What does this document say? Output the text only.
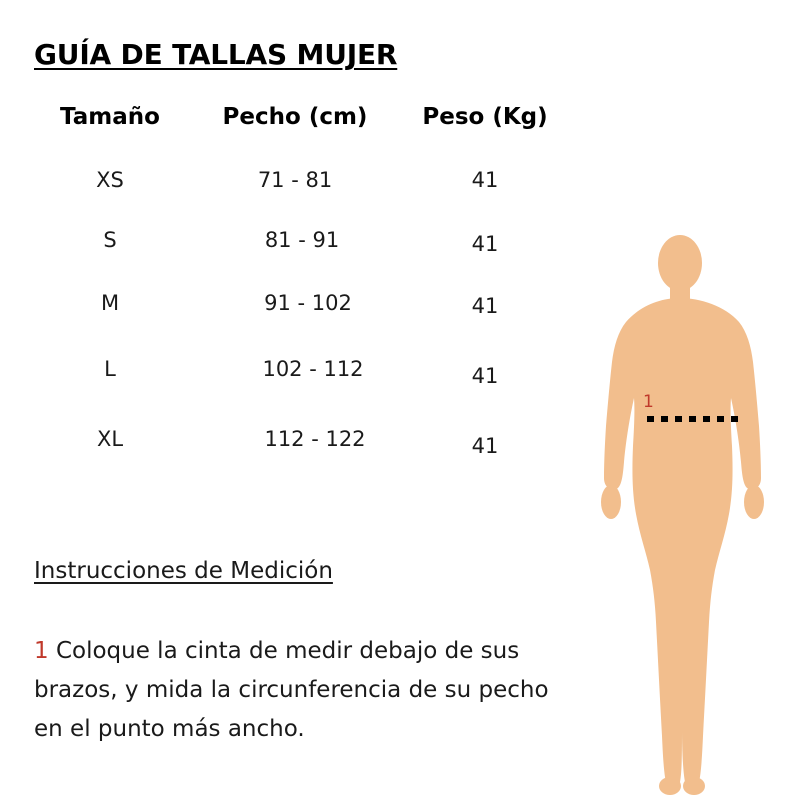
GUÍA DE TALLAS MUJER
Tamaño	Pecho (cm)	Peso (Kg)
XS	71 - 81	41
S	81 - 91	41
M	91 - 102	41
L	102 - 112	41
XL	112 - 122	41
Instrucciones de Medición
1 Coloque la cinta de medir debajo de sus brazos, y mida la circunferencia de su pecho en el punto más ancho.
1
